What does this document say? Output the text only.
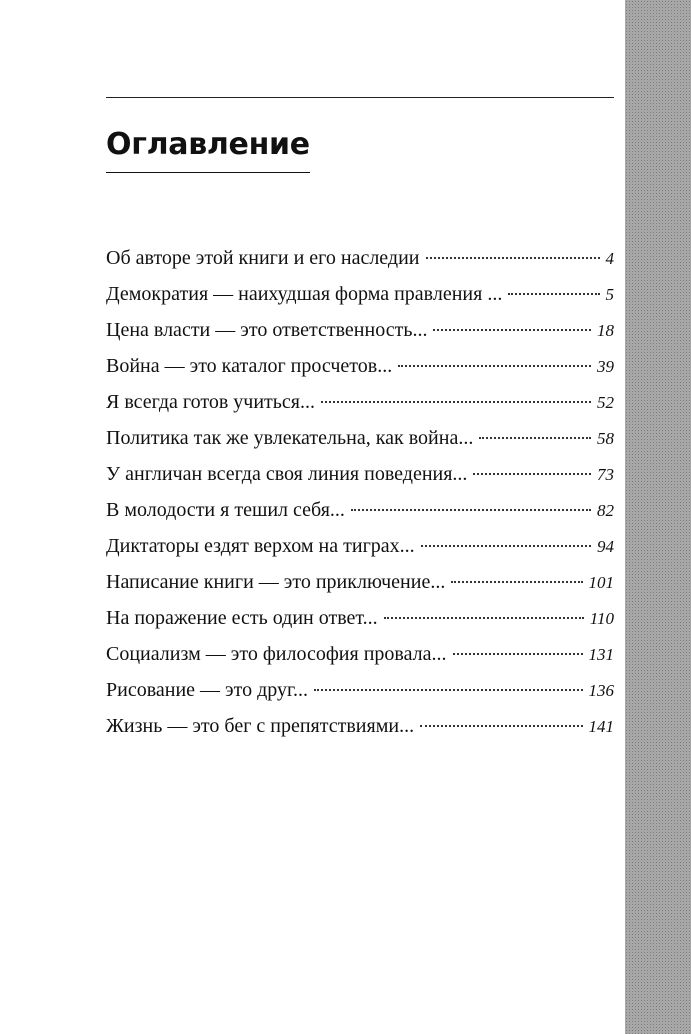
Оглавление
Об авторе этой книги и его наследии	4
Демократия — наихудшая форма правления ...	5
Цена власти — это ответственность...	18
Война — это каталог просчетов...	39
Я всегда готов учиться...	52
Политика так же увлекательна, как война...	58
У англичан всегда своя линия поведения...	73
В молодости я тешил себя...	82
Диктаторы ездят верхом на тиграх...	94
Написание книги — это приключение...	101
На поражение есть один ответ...	110
Социализм — это философия провала...	131
Рисование — это друг...	136
Жизнь — это бег с препятствиями...	141
